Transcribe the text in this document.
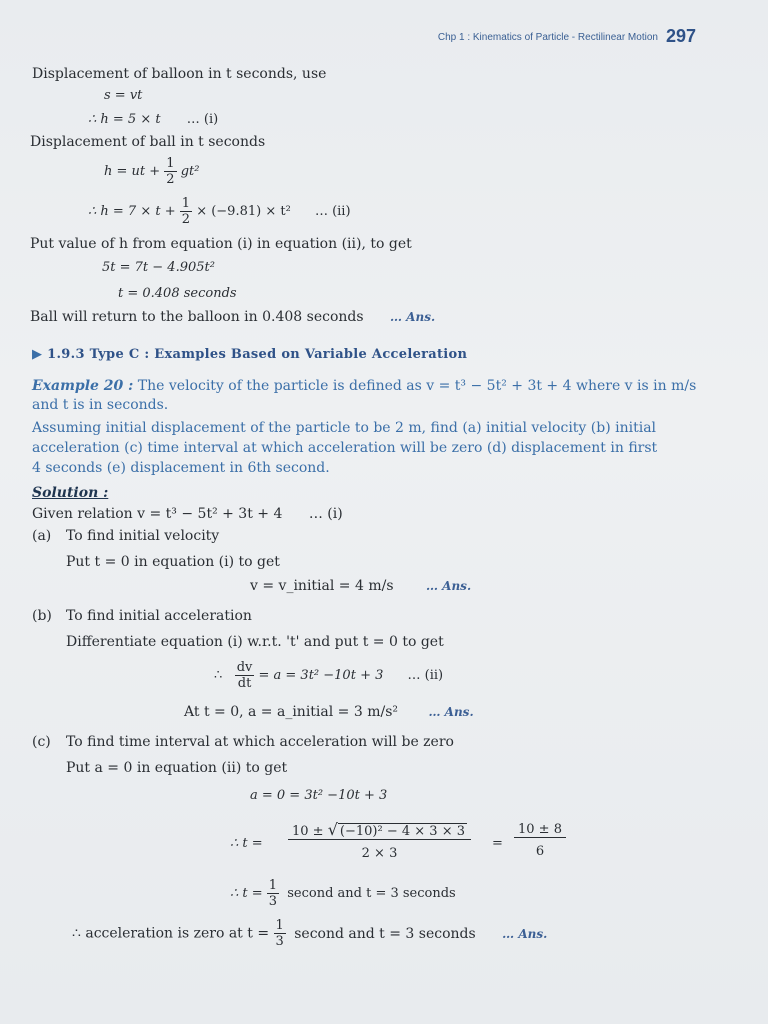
Chp 1 : Kinematics of Particle - Rectilinear Motion 297
Displacement of balloon in t seconds, use
s = vt
∴ h = 5 × t … (i)
Displacement of ball in t seconds
h = ut + $\frac{1}{2} gt^2$
∴ $h = 7 \times t + \frac{1}{2} \times (-9.81) \times t^2$ … (ii)
Put value of h from equation (i) in equation (ii), to get
5t = 7t − 4.905t²
t = 0.408 seconds
Ball will return to the balloon in 0.408 seconds … Ans.
▶ 1.9.3 Type C : Examples Based on Variable Acceleration
Example 20 : The velocity of the particle is defined as v = t³ − 5t² + 3t + 4 where v is in m/s
and t is in seconds.
Assuming initial displacement of the particle to be 2 m, find (a) initial velocity (b) initial
acceleration (c) time interval at which acceleration will be zero (d) displacement in first
4 seconds (e) displacement in 6th second.
Solution :
Given relation v = t³ − 5t² + 3t + 4 … (i)
(a) To find initial velocity
Put t = 0 in equation (i) to get
v = v_initial = 4 m/s	… Ans.
(b) To find initial acceleration
Differentiate equation (i) w.r.t. 't' and put t = 0 to get
∴ $\frac{dv}{dt} = a = 3t^2 -10t + 3$ … (ii)
At t = 0, a = a_initial = 3 m/s²	… Ans.
(c) To find time interval at which acceleration will be zero
Put a = 0 in equation (ii) to get
a = 0 = 3t² −10t + 3
∴ $t = \frac{\text{10 ± √ (−10)² − 4 × 3 × 3}}{2 \times 3} = \frac{10 \pm 8}{6}$
∴ $t = \frac{1}{3}$ second and t = 3 seconds
∴ acceleration is zero at $t = \frac{1}{3}$ second and t = 3 seconds … Ans.
